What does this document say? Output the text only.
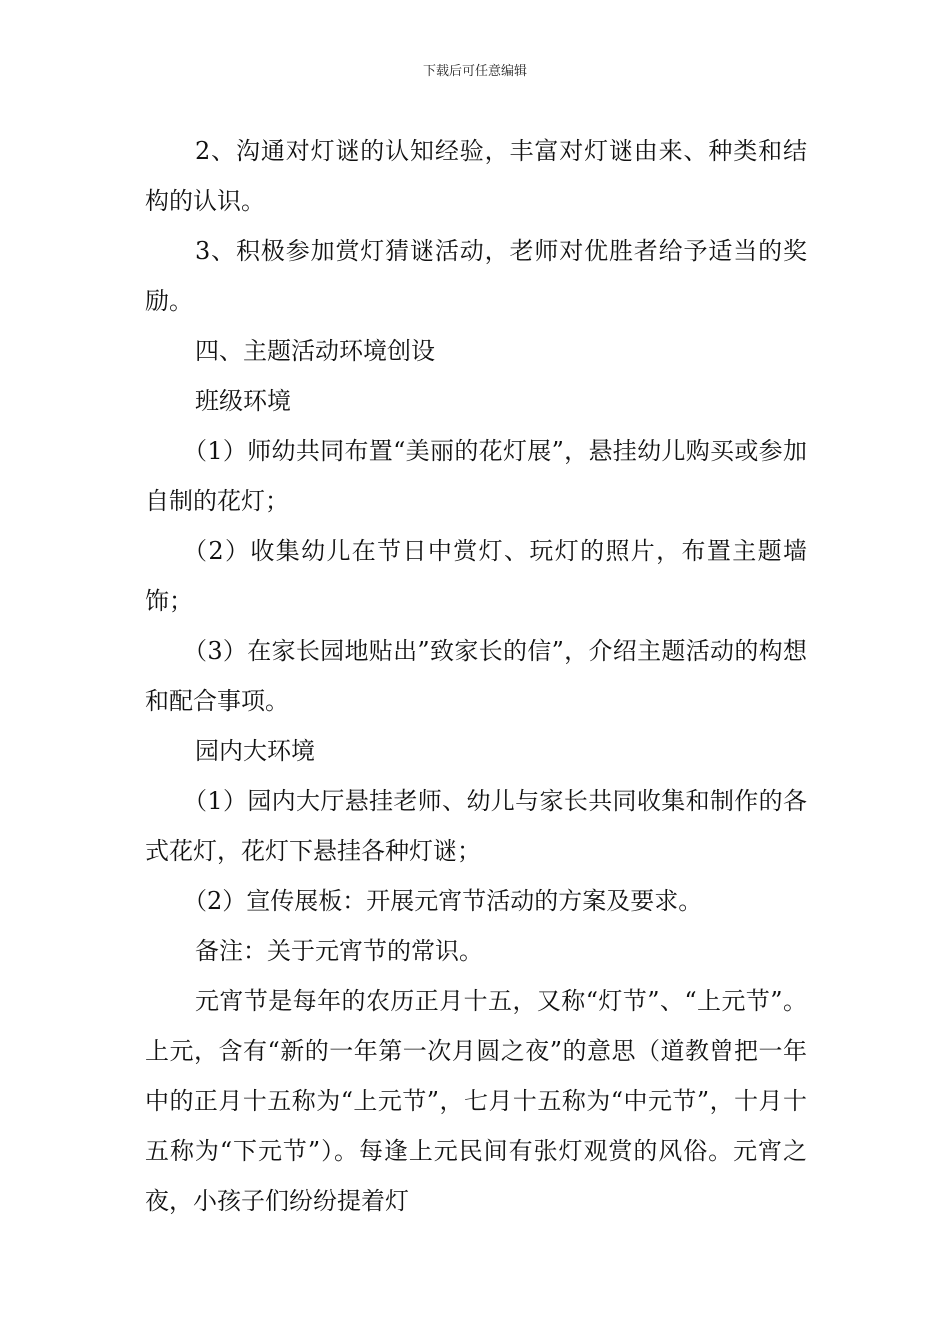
下载后可任意编辑

2、沟通对灯谜的认知经验，丰富对灯谜由来、种类和结构的认识。

3、积极参加赏灯猜谜活动，老师对优胜者给予适当的奖励。

四、主题活动环境创设

班级环境

（1）师幼共同布置“美丽的花灯展”，悬挂幼儿购买或参加自制的花灯；

（2）收集幼儿在节日中赏灯、玩灯的照片，布置主题墙饰；

（3）在家长园地贴出”致家长的信”，介绍主题活动的构想和配合事项。

园内大环境

（1）园内大厅悬挂老师、幼儿与家长共同收集和制作的各式花灯，花灯下悬挂各种灯谜；

（2）宣传展板：开展元宵节活动的方案及要求。

备注：关于元宵节的常识。

元宵节是每年的农历正月十五，又称“灯节”、“上元节”。上元，含有“新的一年第一次月圆之夜”的意思（道教曾把一年中的正月十五称为“上元节”，七月十五称为“中元节”，十月十五称为“下元节”）。每逢上元民间有张灯观赏的风俗。元宵之夜，小孩子们纷纷提着灯
